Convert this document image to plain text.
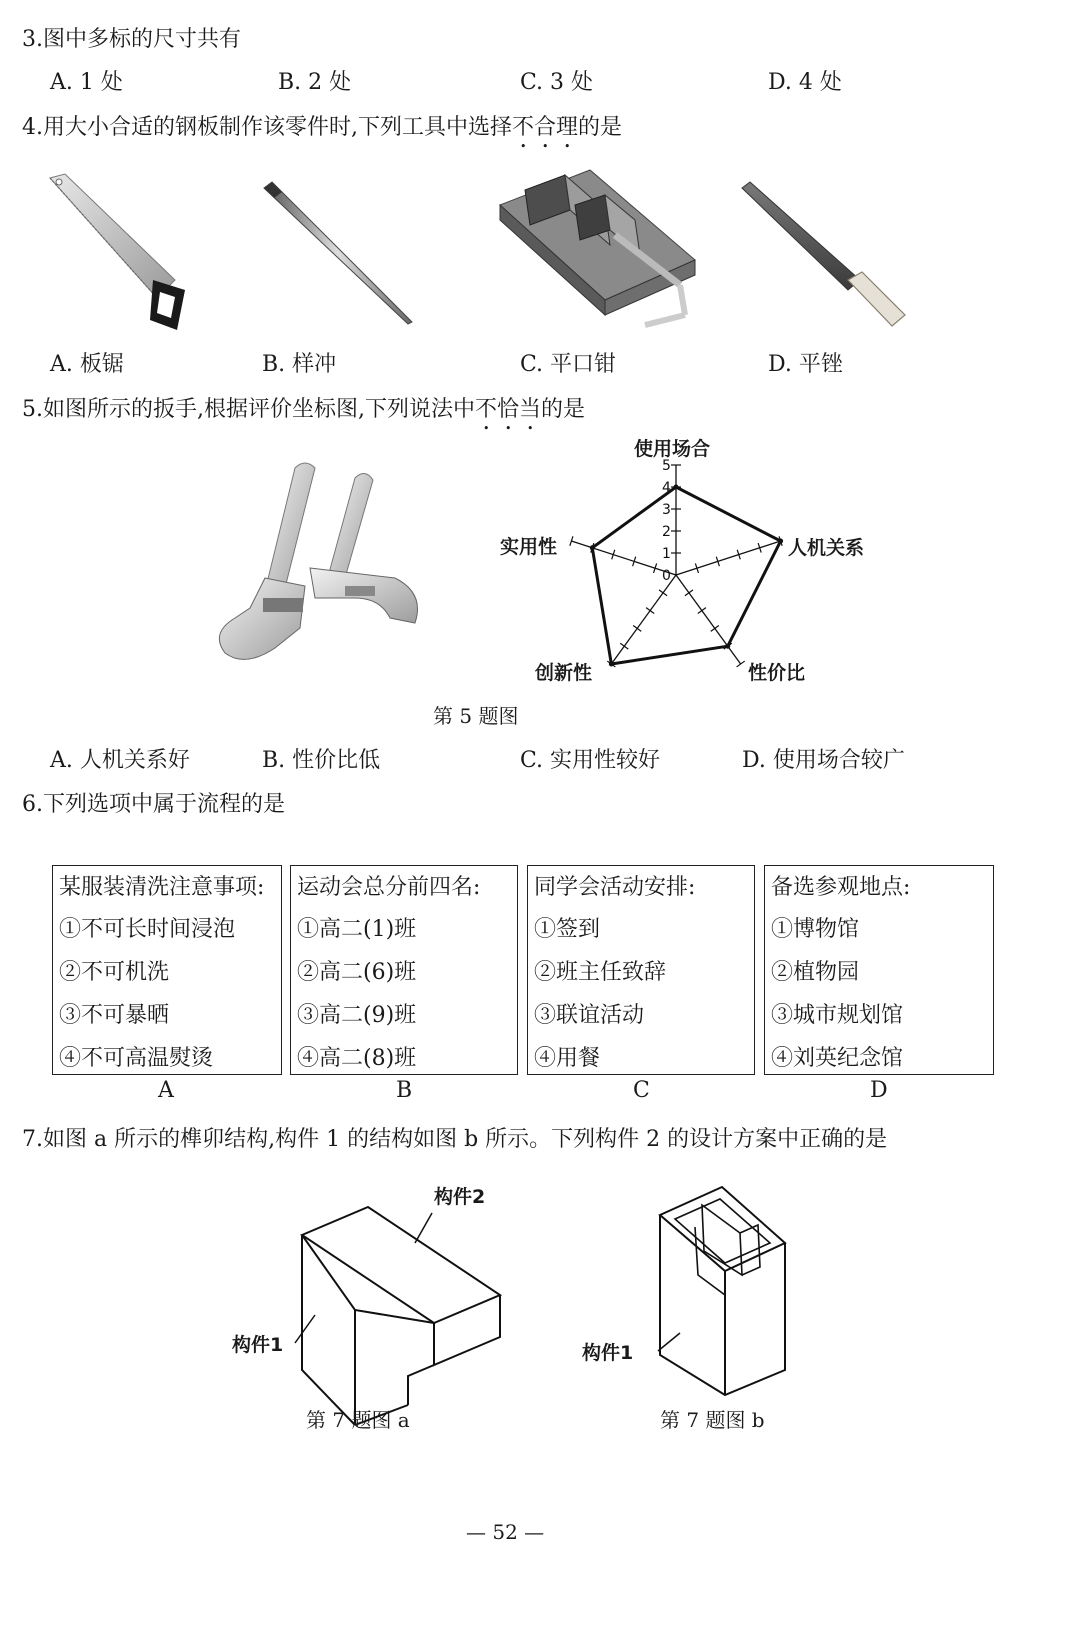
3.图中多标的尺寸共有
A. 1 处	B. 2 处	C. 3 处	D. 4 处
4.用大小合适的钢板制作该零件时,下列工具中选择不合理的是
A. 板锯	B. 样冲	C. 平口钳	D. 平锉
5.如图所示的扳手,根据评价坐标图,下列说法中不恰当的是
0
1
2
3
4
5
使用场合
人机关系
性价比
创新性
实用性
第 5 题图
A. 人机关系好	B. 性价比低	C. 实用性较好	D. 使用场合较广
6.下列选项中属于流程的是
某服装清洗注意事项:
①不可长时间浸泡
②不可机洗
③不可暴晒
④不可高温熨烫
运动会总分前四名:
①高二(1)班
②高二(6)班
③高二(9)班
④高二(8)班
同学会活动安排:
①签到
②班主任致辞
③联谊活动
④用餐
备选参观地点:
①博物馆
②植物园
③城市规划馆
④刘英纪念馆
A	B	C	D
7.如图 a 所示的榫卯结构,构件 1 的结构如图 b 所示。下列构件 2 的设计方案中正确的是
构件2
构件1
第 7 题图 a
构件1
第 7 题图 b
— 52 —
